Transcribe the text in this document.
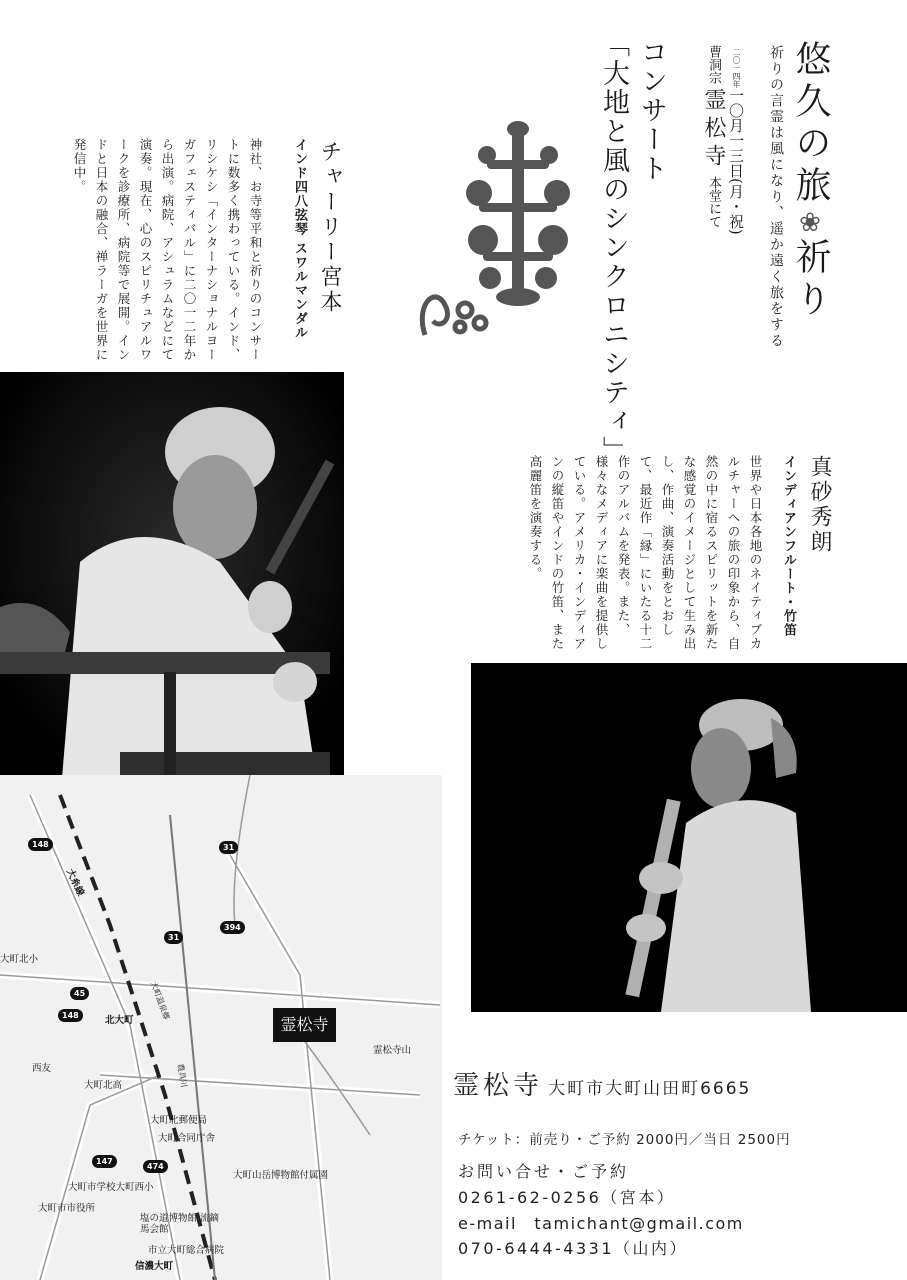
悠久の旅❀祈り
祈りの言霊は風になり、遥か遠く旅をする
二〇一四年一〇月一三日(月・祝)
曹洞宗霊松寺本堂にて
コンサート
「大地と風のシンクロニシティ」
チャーリー宮本
インド四八弦琴 スワルマンダル
神社、お寺等平和と祈りのコンサートに数多く携わっている。インド、リシケシ「インターナショナルヨーガフェスティバル」に二〇一二年から出演。病院、アシュラムなどにて演奏。現在、心のスピリチュアルワークを診療所、病院等で展開。インドと日本の融合、禅ラーガを世界に発信中。
真砂秀朗
インディアンフルート・竹笛
世界や日本各地のネイティブカルチャーへの旅の印象から、自然の中に宿るスピリットを新たな感覚のイメージとして生み出し、作曲、演奏活動をとおして、最近作「縁」にいたる十二作のアルバムを発表。また、様々なメディアに楽曲を提供している。アメリカ・インディアンの縦笛やインドの竹笛、また高麗笛を演奏する。
148	31
394
31
45
148
147
474
大町北小
北大町
西友
大町北高
大町北郵便局
大町合同庁舎
大町山岳博物館付属園
大町市学校大町西小
大町市市役所
塩の道博物館 流鏑馬会館
市立大町総合病院
信濃大町
霊松寺山
大糸線
大町温泉郷
農具川
霊松寺
霊松寺 大町市大町山田町6665
チケット：前売り・ご予約 2000円／当日 2500円
お問い合せ・ご予約
0261-62-0256（宮本）
e-mail　tamichant@gmail.com
070-6444-4331（山内）
